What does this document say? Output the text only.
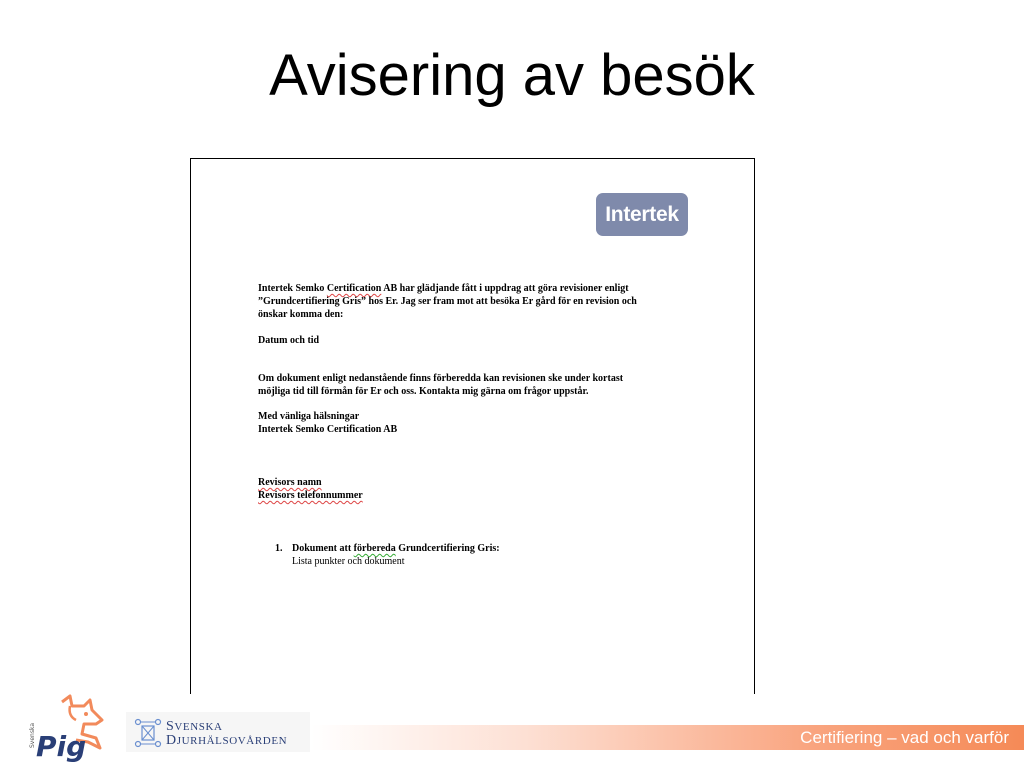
Avisering av besök
Intertek
Intertek Semko Certification AB har glädjande fått i uppdrag att göra revisioner enligt
”Grundcertifiering Gris” hos Er. Jag ser fram mot att besöka Er gård för en revision och
önskar komma den:
Datum och tid
Om dokument enligt nedanstående finns förberedda kan revisionen ske under kortast
möjliga tid till förmån för Er och oss. Kontakta mig gärna om frågor uppstår.
Med vänliga hälsningar
Intertek Semko Certification AB
Revisors namn
Revisors telefonnummer
1. Dokument att förbereda Grundcertifiering Gris:
Lista punkter och dokument
Svenska Pig
SVENSKA
DJURHÄLSOVÅRDEN	Certifiering – vad och varför
